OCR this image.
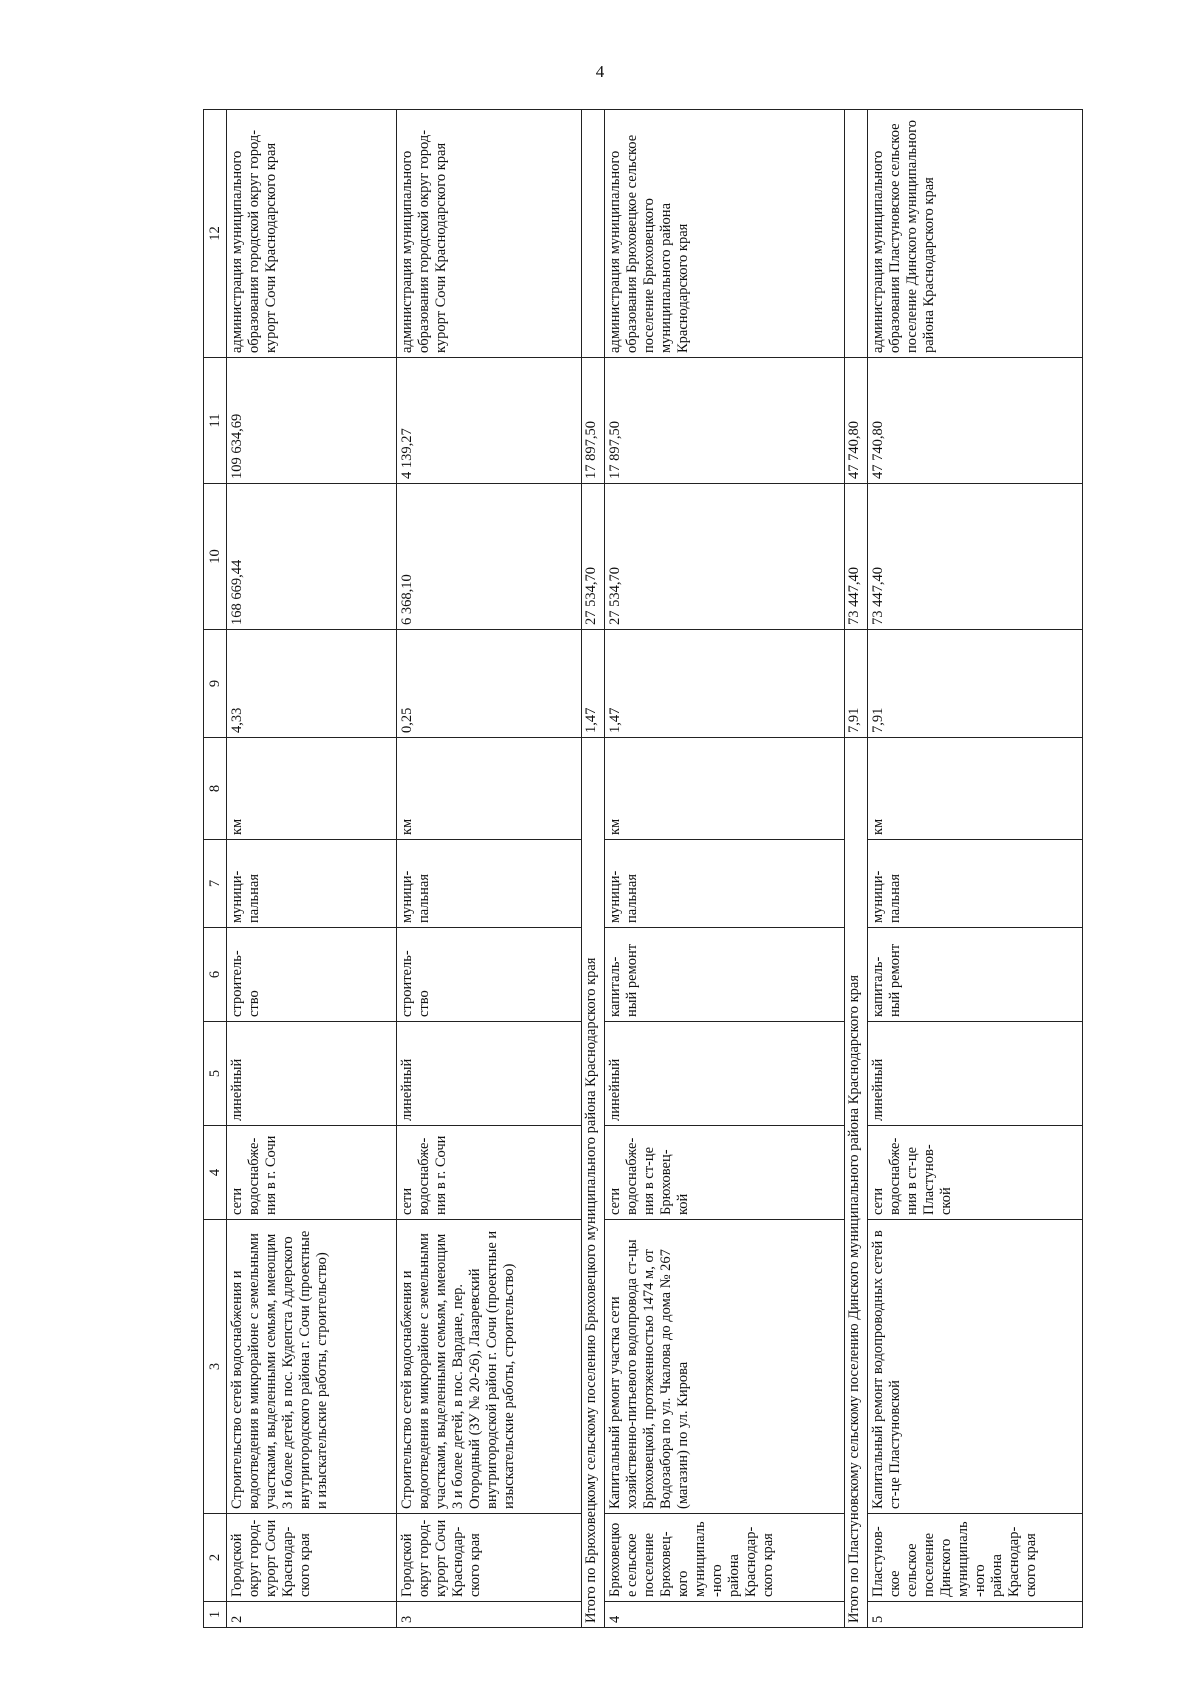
4
1	2	3	4	5	6	7	8	9	10	11	12
2	Городской округ город-курорт Сочи Краснодар-ского края	Строительство сетей водоснабжения и водоотведения в микрорайоне с земельными участками, выделенными семьям, имеющим 3 и более детей, в пос. Кудепста Адлерского внутригородского района г. Сочи (проектные и изыскательские работы, строительство)	сети водоснабже-ния в г. Сочи	линейный	строитель-ство	муници-пальная	км	4,33	168 669,44	109 634,69	администрация муниципального образования городской округ город-курорт Сочи Краснодарского края
3	Городской округ город-курорт Сочи Краснодар-ского края	Строительство сетей водоснабжения и водоотведения в микрорайоне с земельными участками, выделенными семьям, имеющим 3 и более детей, в пос. Вардане, пер. Огородный (ЗУ № 20-26), Лазаревский внутригородской район г. Сочи (проектные и изыскательские работы, строительство)	сети водоснабже-ния в г. Сочи	линейный	строитель-ство	муници-пальная	км	0,25	6 368,10	4 139,27	администрация муниципального образования городской округ город-курорт Сочи Краснодарского края
Итого по Брюховецкому сельскому поселению Брюховецкого муниципального района Краснодарского края								1,47	27 534,70	17 897,50	
4	Брюховецкое сельское поселение Брюховец-кого муниципаль-ного района Краснодар-ского края	Капитальный ремонт участка сети хозяйственно-питьевого водопровода ст-цы Брюховецкой, протяженностью 1474 м, от Водозабора по ул. Чкалова до дома № 267 (магазин) по ул. Кирова	сети водоснабже-ния в ст-це Брюховец-кой	линейный	капиталь-ный ремонт	муници-пальная	км	1,47	27 534,70	17 897,50	администрация муниципального образования Брюховецкое сельское поселение Брюховецкого муниципального района Краснодарского края
Итого по Пластуновскому сельскому поселению Динского муниципального района Краснодарского края								7,91	73 447,40	47 740,80	
5	Пластунов-ское сельское поселение Динского муниципаль-ного района Краснодар-ского края	Капитальный ремонт водопроводных сетей в ст-це Пластуновской	сети водоснабже-ния в ст-це Пластунов-ской	линейный	капиталь-ный ремонт	муници-пальная	км	7,91	73 447,40	47 740,80	администрация муниципального образования Пластуновское сельское поселение Динского муниципального района Краснодарского края
